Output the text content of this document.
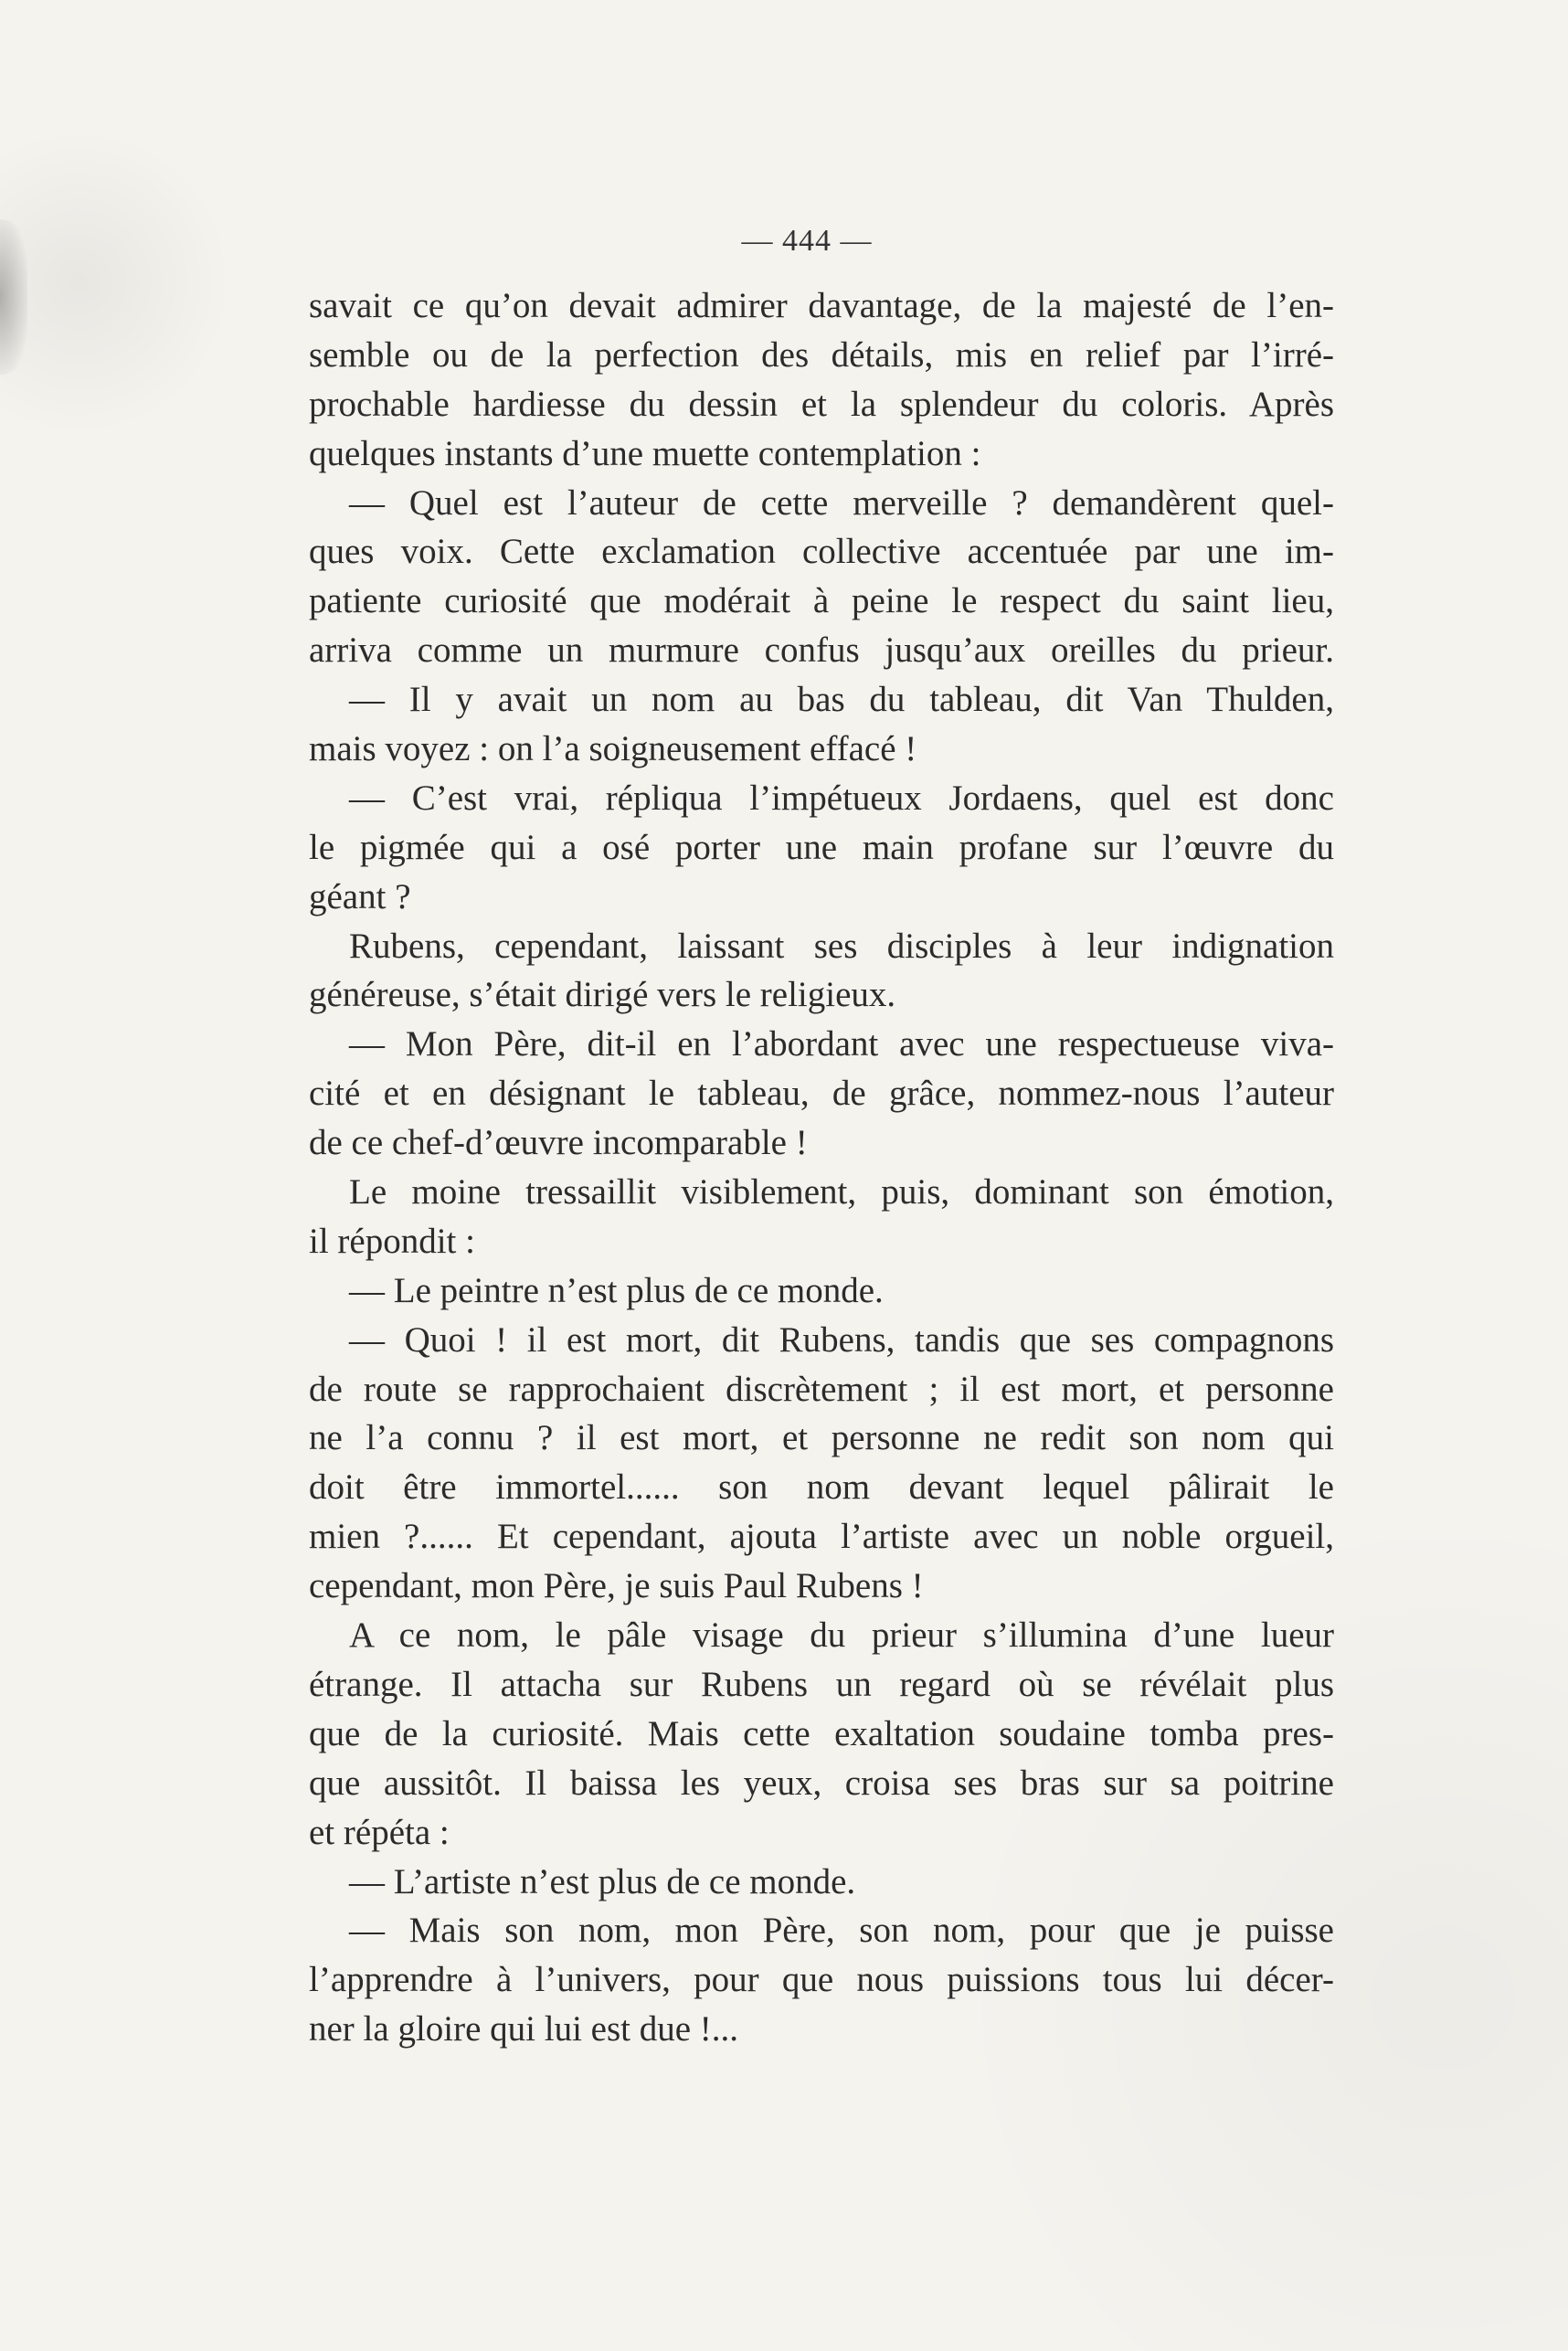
— 444 —
savait ce qu’on devait admirer davantage, de la majesté de l’en-
semble ou de la perfection des détails, mis en relief par l’irré-
prochable hardiesse du dessin et la splendeur du coloris. Après
quelques instants d’une muette contemplation :
— Quel est l’auteur de cette merveille ? demandèrent quel-
ques voix. Cette exclamation collective accentuée par une im-
patiente curiosité que modérait à peine le respect du saint lieu,
arriva comme un murmure confus jusqu’aux oreilles du prieur.
— Il y avait un nom au bas du tableau, dit Van Thulden,
mais voyez : on l’a soigneusement effacé !
— C’est vrai, répliqua l’impétueux Jordaens, quel est donc
le pigmée qui a osé porter une main profane sur l’œuvre du
géant ?
Rubens, cependant, laissant ses disciples à leur indignation
généreuse, s’était dirigé vers le religieux.
— Mon Père, dit-il en l’abordant avec une respectueuse viva-
cité et en désignant le tableau, de grâce, nommez-nous l’auteur
de ce chef-d’œuvre incomparable !
Le moine tressaillit visiblement, puis, dominant son émotion,
il répondit :
— Le peintre n’est plus de ce monde.
— Quoi ! il est mort, dit Rubens, tandis que ses compagnons
de route se rapprochaient discrètement ; il est mort, et personne
ne l’a connu ? il est mort, et personne ne redit son nom qui
doit être immortel...... son nom devant lequel pâlirait le
mien ?...... Et cependant, ajouta l’artiste avec un noble orgueil,
cependant, mon Père, je suis Paul Rubens !
A ce nom, le pâle visage du prieur s’illumina d’une lueur
étrange. Il attacha sur Rubens un regard où se révélait plus
que de la curiosité. Mais cette exaltation soudaine tomba pres-
que aussitôt. Il baissa les yeux, croisa ses bras sur sa poitrine
et répéta :
— L’artiste n’est plus de ce monde.
— Mais son nom, mon Père, son nom, pour que je puisse
l’apprendre à l’univers, pour que nous puissions tous lui décer-
ner la gloire qui lui est due !...
